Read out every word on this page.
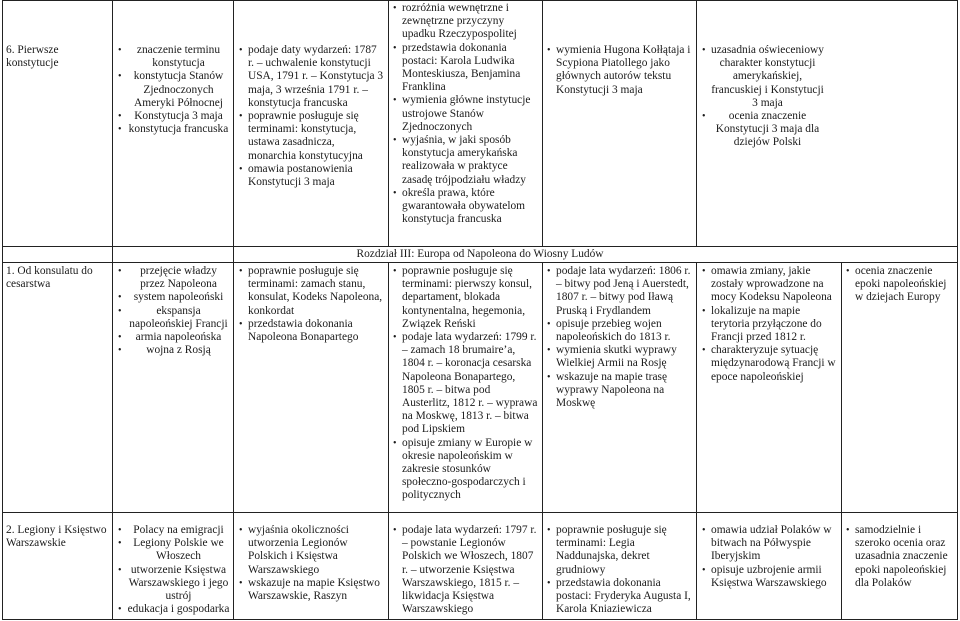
6. Pierwsze konstytucje
• znaczenie terminu konstytucja
• konstytucja Stanów Zjednoczonych Ameryki Północnej
• Konstytucja 3 maja
• konstytucja francuska
• podaje daty wydarzeń: 1787 r. – uchwalenie konstytucji USA, 1791 r. – Konstytucja 3 maja, 3 września 1791 r. – konstytucja francuska
• poprawnie posługuje się terminami: konstytucja, ustawa zasadnicza, monarchia konstytucyjna
• omawia postanowienia Konstytucji 3 maja
• rozróżnia wewnętrzne i zewnętrzne przyczyny upadku Rzeczypospolitej
• przedstawia dokonania postaci: Karola Ludwika Monteskiusza, Benjamina Franklina
• wymienia główne instytucje ustrojowe Stanów Zjednoczonych
• wyjaśnia, w jaki sposób konstytucja amerykańska realizowała w praktyce zasadę trójpodziału władzy
• określa prawa, które gwarantowała obywatelom konstytucja francuska
• wymienia Hugona Kołłątaja i Scypiona Piatollego jako głównych autorów tekstu Konstytucji 3 maja
• uzasadnia oświeceniowy charakter konstytucji amerykańskiej, francuskiej i Konstytucji 3 maja
• ocenia znaczenie Konstytucji 3 maja dla dziejów Polski
Rozdział III: Europa od Napoleona do Wiosny Ludów
1. Od konsulatu do cesarstwa
• przejęcie władzy przez Napoleona
• system napoleoński
• ekspansja napoleońskiej Francji
• armia napoleońska
• wojna z Rosją
• poprawnie posługuje się terminami: zamach stanu, konsulat, Kodeks Napoleona, konkordat
• przedstawia dokonania Napoleona Bonapartego
• poprawnie posługuje się terminami: pierwszy konsul, departament, blokada kontynentalna, hegemonia, Związek Reński
• podaje lata wydarzeń: 1799 r. – zamach 18 brumaire’a, 1804 r. – koronacja cesarska Napoleona Bonapartego, 1805 r. – bitwa pod Austerlitz, 1812 r. – wyprawa na Moskwę, 1813 r. – bitwa pod Lipskiem
• opisuje zmiany w Europie w okresie napoleońskim w zakresie stosunków społeczno-gospodarczych i politycznych
• podaje lata wydarzeń: 1806 r. – bitwy pod Jeną i Auerstedt, 1807 r. – bitwy pod Iławą Pruską i Frydlandem
• opisuje przebieg wojen napoleońskich do 1813 r.
• wymienia skutki wyprawy Wielkiej Armii na Rosję
• wskazuje na mapie trasę wyprawy Napoleona na Moskwę
• omawia zmiany, jakie zostały wprowadzone na mocy Kodeksu Napoleona
• lokalizuje na mapie terytoria przyłączone do Francji przed 1812 r.
• charakteryzuje sytuację międzynarodową Francji w epoce napoleońskiej
• ocenia znaczenie epoki napoleońskiej w dziejach Europy
2. Legiony i Księstwo Warszawskie
• Polacy na emigracji
• Legiony Polskie we Włoszech
• utworzenie Księstwa Warszawskiego i jego ustrój
• edukacja i gospodarka
• wyjaśnia okoliczności utworzenia Legionów Polskich i Księstwa Warszawskiego
• wskazuje na mapie Księstwo Warszawskie, Raszyn
• podaje lata wydarzeń: 1797 r. – powstanie Legionów Polskich we Włoszech, 1807 r. – utworzenie Księstwa Warszawskiego, 1815 r. – likwidacja Księstwa Warszawskiego
• poprawnie posługuje się terminami: Legia Naddunajska, dekret grudniowy
• przedstawia dokonania postaci: Fryderyka Augusta I, Karola Kniaziewicza
• omawia udział Polaków w bitwach na Półwyspie Iberyjskim
• opisuje uzbrojenie armii Księstwa Warszawskiego
• samodzielnie i szeroko ocenia oraz uzasadnia znaczenie epoki napoleońskiej dla Polaków
